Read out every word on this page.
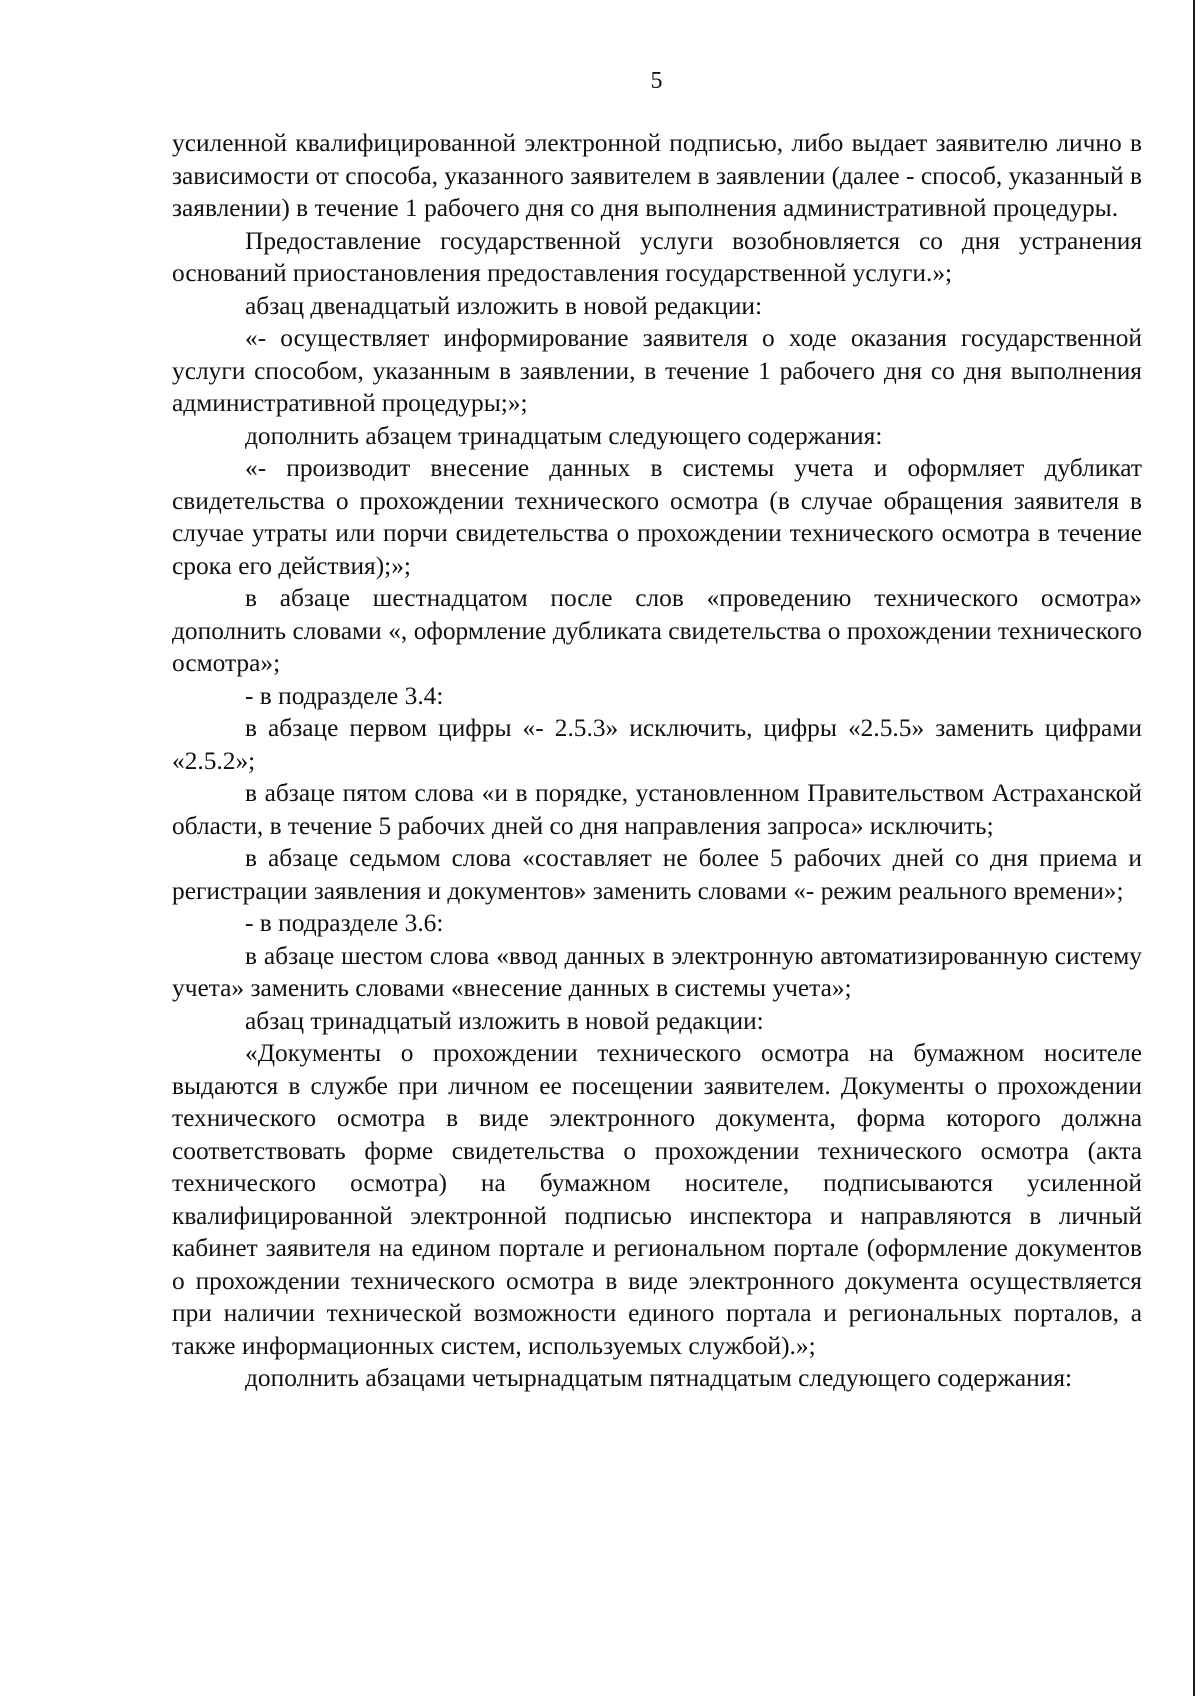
5

усиленной квалифицированной электронной подписью, либо выдает заявителю лично в зависимости от способа, указанного заявителем в заявлении (далее - способ, указанный в заявлении) в течение 1 рабочего дня со дня выполнения административной процедуры.

Предоставление государственной услуги возобновляется со дня устранения оснований приостановления предоставления государственной услуги.»;

абзац двенадцатый изложить в новой редакции:

«- осуществляет информирование заявителя о ходе оказания государственной услуги способом, указанным в заявлении, в течение 1 рабочего дня со дня выполнения административной процедуры;»;

дополнить абзацем тринадцатым следующего содержания:

«- производит внесение данных в системы учета и оформляет дубликат свидетельства о прохождении технического осмотра (в случае обращения заявителя в случае утраты или порчи свидетельства о прохождении технического осмотра в течение срока его действия);»;

в абзаце шестнадцатом после слов «проведению технического осмотра» дополнить словами «, оформление дубликата свидетельства о прохождении технического осмотра»;

- в подразделе 3.4:

в абзаце первом цифры «- 2.5.3» исключить, цифры «2.5.5» заменить цифрами «2.5.2»;

в абзаце пятом слова «и в порядке, установленном Правительством Астраханской области, в течение 5 рабочих дней со дня направления запроса» исключить;

в абзаце седьмом слова «составляет не более 5 рабочих дней со дня приема и регистрации заявления и документов» заменить словами «- режим реального времени»;

- в подразделе 3.6:

в абзаце шестом слова «ввод данных в электронную автоматизированную систему учета» заменить словами «внесение данных в системы учета»;

абзац тринадцатый изложить в новой редакции:

«Документы о прохождении технического осмотра на бумажном носителе выдаются в службе при личном ее посещении заявителем. Документы о прохождении технического осмотра в виде электронного документа, форма которого должна соответствовать форме свидетельства о прохождении технического осмотра (акта технического осмотра) на бумажном носителе, подписываются усиленной квалифицированной электронной подписью инспектора и направляются в личный кабинет заявителя на едином портале и региональном портале (оформление документов о прохождении технического осмотра в виде электронного документа осуществляется при наличии технической возможности единого портала и региональных порталов, а также информационных систем, используемых службой).»;

дополнить абзацами четырнадцатым пятнадцатым следующего содержания:
